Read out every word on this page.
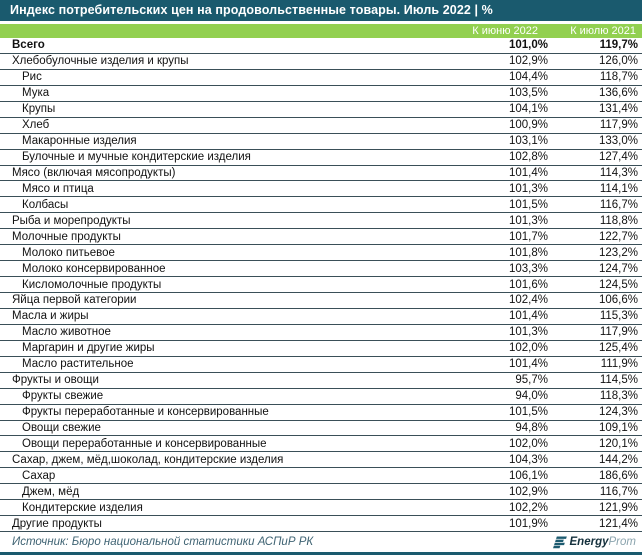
Индекс потребительских цен на продовольственные товары. Июль 2022 | %
К июню 2022	К июлю 2021
Всего	101,0%	119,7%
Хлебобулочные изделия и крупы	102,9%	126,0%
Рис	104,4%	118,7%
Мука	103,5%	136,6%
Крупы	104,1%	131,4%
Хлеб	100,9%	117,9%
Макаронные изделия	103,1%	133,0%
Булочные и мучные кондитерские изделия	102,8%	127,4%
Мясо (включая мясопродукты)	101,4%	114,3%
Мясо и птица	101,3%	114,1%
Колбасы	101,5%	116,7%
Рыба и морепродукты	101,3%	118,8%
Молочные продукты	101,7%	122,7%
Молоко питьевое	101,8%	123,2%
Молоко консервированное	103,3%	124,7%
Кисломолочные продукты	101,6%	124,5%
Яйца первой категории	102,4%	106,6%
Масла и жиры	101,4%	115,3%
Масло животное	101,3%	117,9%
Маргарин и другие жиры	102,0%	125,4%
Масло растительное	101,4%	111,9%
Фрукты и овощи	95,7%	114,5%
Фрукты свежие	94,0%	118,3%
Фрукты переработанные и консервированные	101,5%	124,3%
Овощи свежие	94,8%	109,1%
Овощи переработанные и консервированные	102,0%	120,1%
Сахар, джем, мёд,шоколад, кондитерские изделия	104,3%	144,2%
Сахар	106,1%	186,6%
Джем, мёд	102,9%	116,7%
Кондитерские изделия	102,2%	121,9%
Другие продукты	101,9%	121,4%
Источник: Бюро национальной статистики АСПиР РК	EnergyProm
